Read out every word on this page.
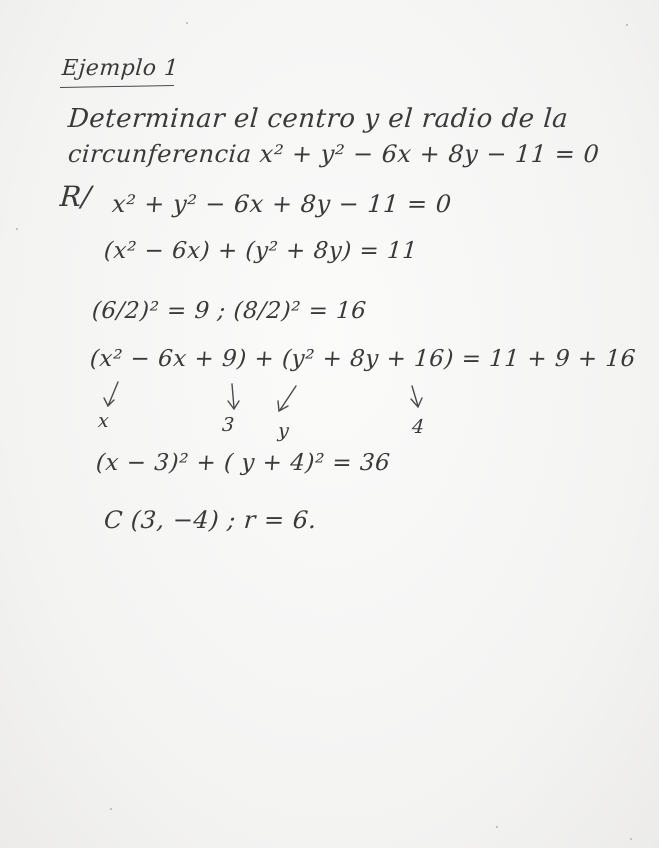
Ejemplo 1
Determinar el centro y el radio de la
circunferencia x² + y² − 6x + 8y − 11 = 0
R/ x² + y² − 6x + 8y − 11 = 0
(x² − 6x) + (y² + 8y) = 11
(6/2)² = 9 ; (8/2)² = 16
(x² − 6x + 9) + (y² + 8y + 16) = 11 + 9 + 16
x	3 y	4
(x − 3)² + ( y + 4)² = 36
C (3, −4) ; r = 6.
